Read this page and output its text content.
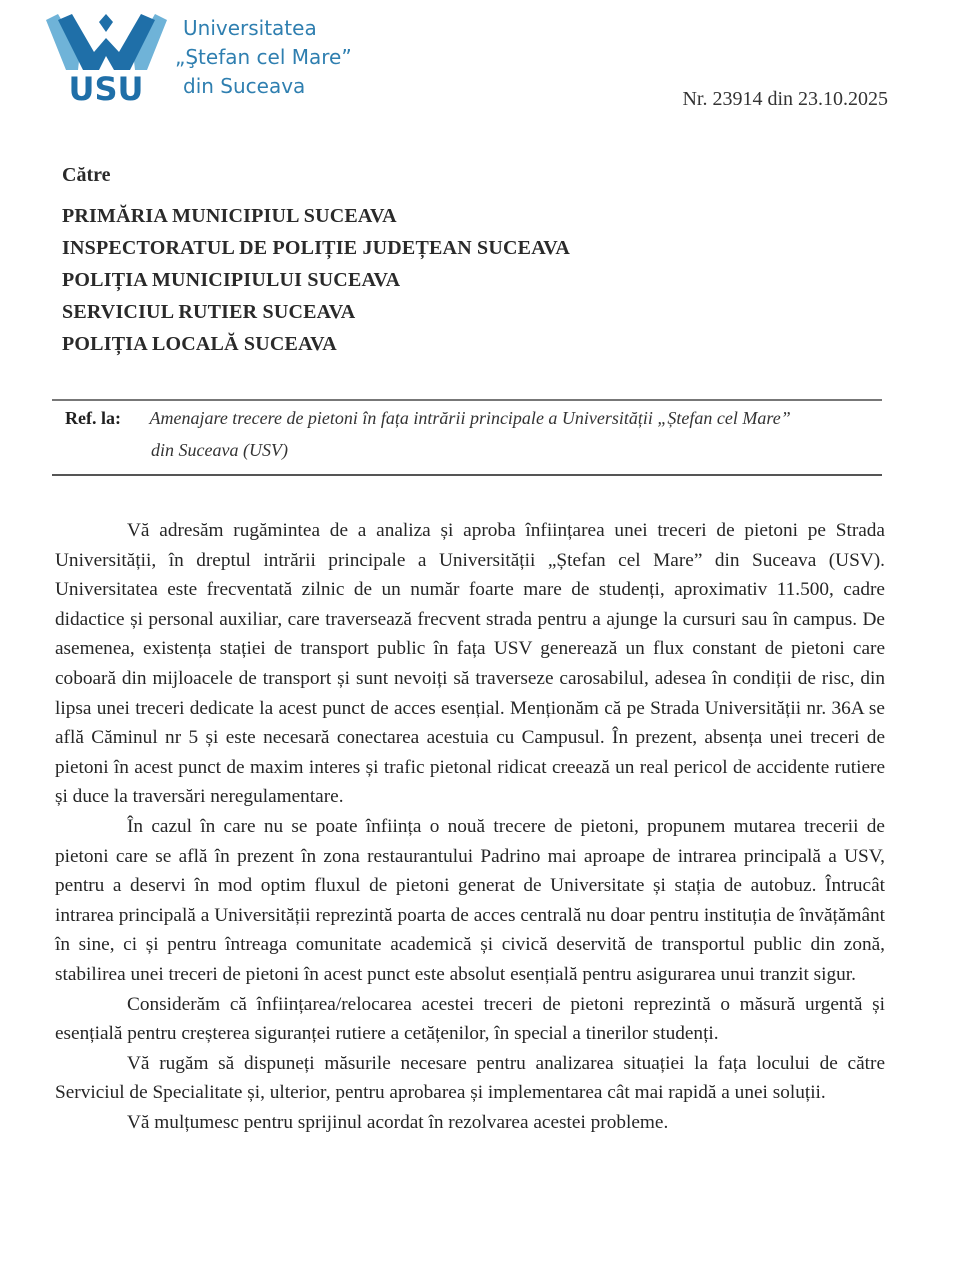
USU
Universitatea
„Ştefan cel Mare”
din Suceava
Nr. 23914 din 23.10.2025
Către
PRIMĂRIA MUNICIPIUL SUCEAVA
INSPECTORATUL DE POLIȚIE JUDEȚEAN SUCEAVA
POLIȚIA MUNICIPIULUI SUCEAVA
SERVICIUL RUTIER SUCEAVA
POLIȚIA LOCALĂ SUCEAVA
Ref. la: Amenajare trecere de pietoni în fața intrării principale a Universității „Ștefan cel Mare”
din Suceava (USV)

Vă adresăm rugămintea de a analiza și aproba înființarea unei treceri de pietoni pe Strada Universității, în dreptul intrării principale a Universității „Ștefan cel Mare” din Suceava (USV). Universitatea este frecventată zilnic de un număr foarte mare de studenți, aproximativ 11.500, cadre didactice și personal auxiliar, care traversează frecvent strada pentru a ajunge la cursuri sau în campus. De asemenea, existența stației de transport public în fața USV generează un flux constant de pietoni care coboară din mijloacele de transport și sunt nevoiți să traverseze carosabilul, adesea în condiții de risc, din lipsa unei treceri dedicate la acest punct de acces esențial. Menționăm că pe Strada Universității nr. 36A se află Căminul nr 5 și este necesară conectarea acestuia cu Campusul. În prezent, absența unei treceri de pietoni în acest punct de maxim interes și trafic pietonal ridicat creează un real pericol de accidente rutiere și duce la traversări neregulamentare.

În cazul în care nu se poate înființa o nouă trecere de pietoni, propunem mutarea trecerii de pietoni care se află în prezent în zona restaurantului Padrino mai aproape de intrarea principală a USV, pentru a deservi în mod optim fluxul de pietoni generat de Universitate și stația de autobuz. Întrucât intrarea principală a Universității reprezintă poarta de acces centrală nu doar pentru instituția de învățământ în sine, ci și pentru întreaga comunitate academică și civică deservită de transportul public din zonă, stabilirea unei treceri de pietoni în acest punct este absolut esențială pentru asigurarea unui tranzit sigur.

Considerăm că înființarea/relocarea acestei treceri de pietoni reprezintă o măsură urgentă și esențială pentru creșterea siguranței rutiere a cetățenilor, în special a tinerilor studenți.

Vă rugăm să dispuneți măsurile necesare pentru analizarea situației la fața locului de către Serviciul de Specialitate și, ulterior, pentru aprobarea și implementarea cât mai rapidă a unei soluții.

Vă mulțumesc pentru sprijinul acordat în rezolvarea acestei probleme.
